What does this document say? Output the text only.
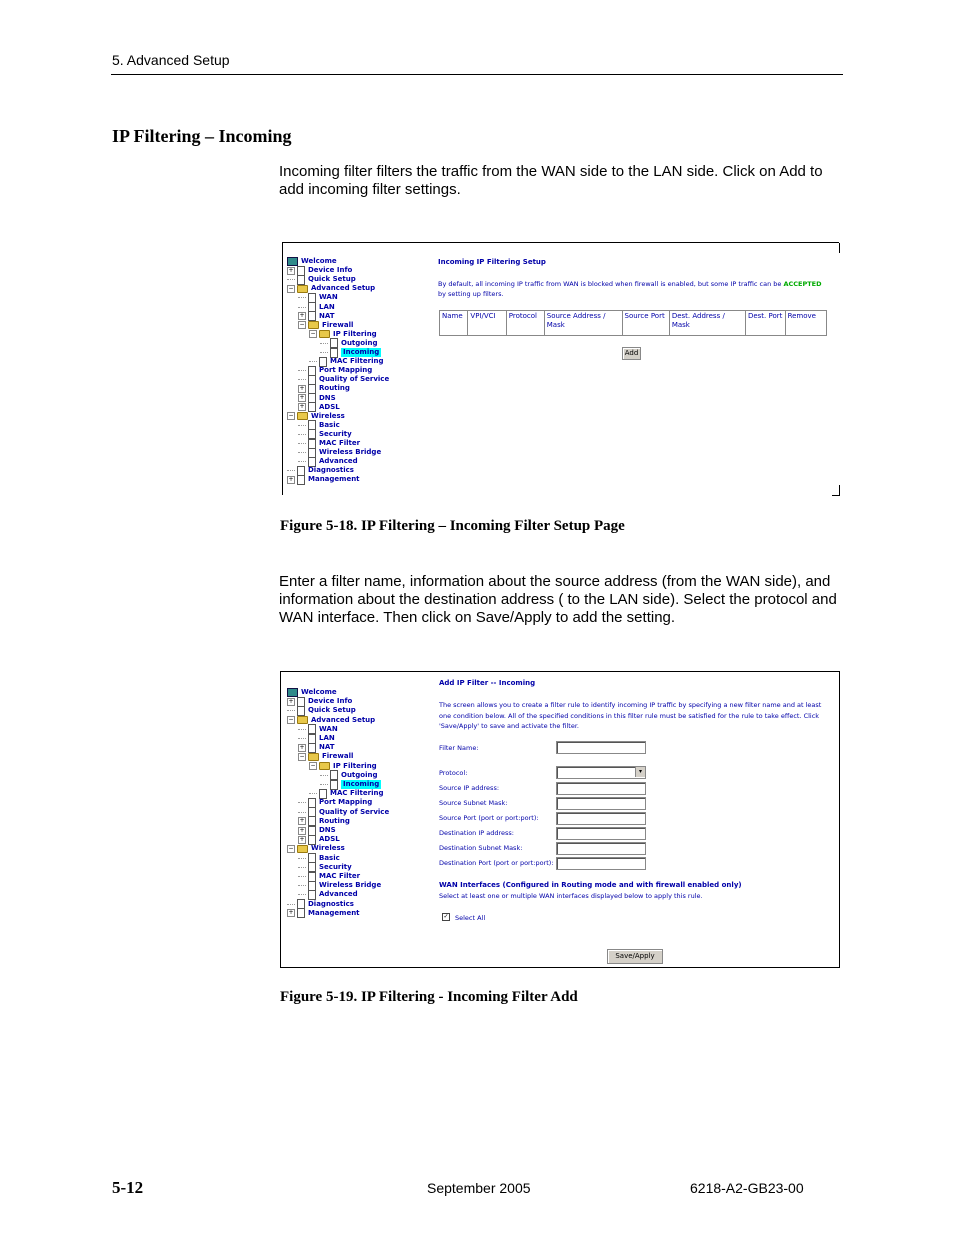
5. Advanced Setup
IP Filtering – Incoming
Incoming filter filters the traffic from the WAN side to the LAN side. Click on Add to add incoming filter settings.
Welcome
+ Device Info
Quick Setup
− Advanced Setup
WAN
LAN
+ NAT
− Firewall
− IP Filtering
Outgoing
Incoming
MAC Filtering
Port Mapping
Quality of Service
+ Routing
+ DNS
+ ADSL
− Wireless
Basic
Security
MAC Filter
Wireless Bridge
Advanced
Diagnostics
+ Management
Incoming IP Filtering Setup
By default, all incoming IP traffic from WAN is blocked when firewall is enabled, but some IP traffic can be ACCEPTED
by setting up filters.
Name	VPI/VCI	Protocol	Source Address / Mask	Source Port	Dest. Address / Mask	Dest. Port	Remove
Add
Figure 5-18. IP Filtering – Incoming Filter Setup Page
Enter a filter name, information about the source address (from the WAN side), and information about the destination address ( to the LAN side). Select the protocol and WAN interface. Then click on Save/Apply to add the setting.
Welcome
+ Device Info
Quick Setup
− Advanced Setup
WAN
LAN
+ NAT
− Firewall
− IP Filtering
Outgoing
Incoming
MAC Filtering
Port Mapping
Quality of Service
+ Routing
+ DNS
+ ADSL
− Wireless
Basic
Security
MAC Filter
Wireless Bridge
Advanced
Diagnostics
+ Management
Add IP Filter -- Incoming
The screen allows you to create a filter rule to identify incoming IP traffic by specifying a new filter name and at least one condition below. All of the specified conditions in this filter rule must be satisfied for the rule to take effect. Click 'Save/Apply' to save and activate the filter.
Filter Name:
Protocol:	▾
Source IP address:
Source Subnet Mask:
Source Port (port or port:port):
Destination IP address:
Destination Subnet Mask:
Destination Port (port or port:port):
WAN Interfaces (Configured in Routing mode and with firewall enabled only)
Select at least one or multiple WAN interfaces displayed below to apply this rule.
✓ Select All
Save/Apply
Figure 5-19. IP Filtering - Incoming Filter Add
5-12	September 2005	6218-A2-GB23-00
